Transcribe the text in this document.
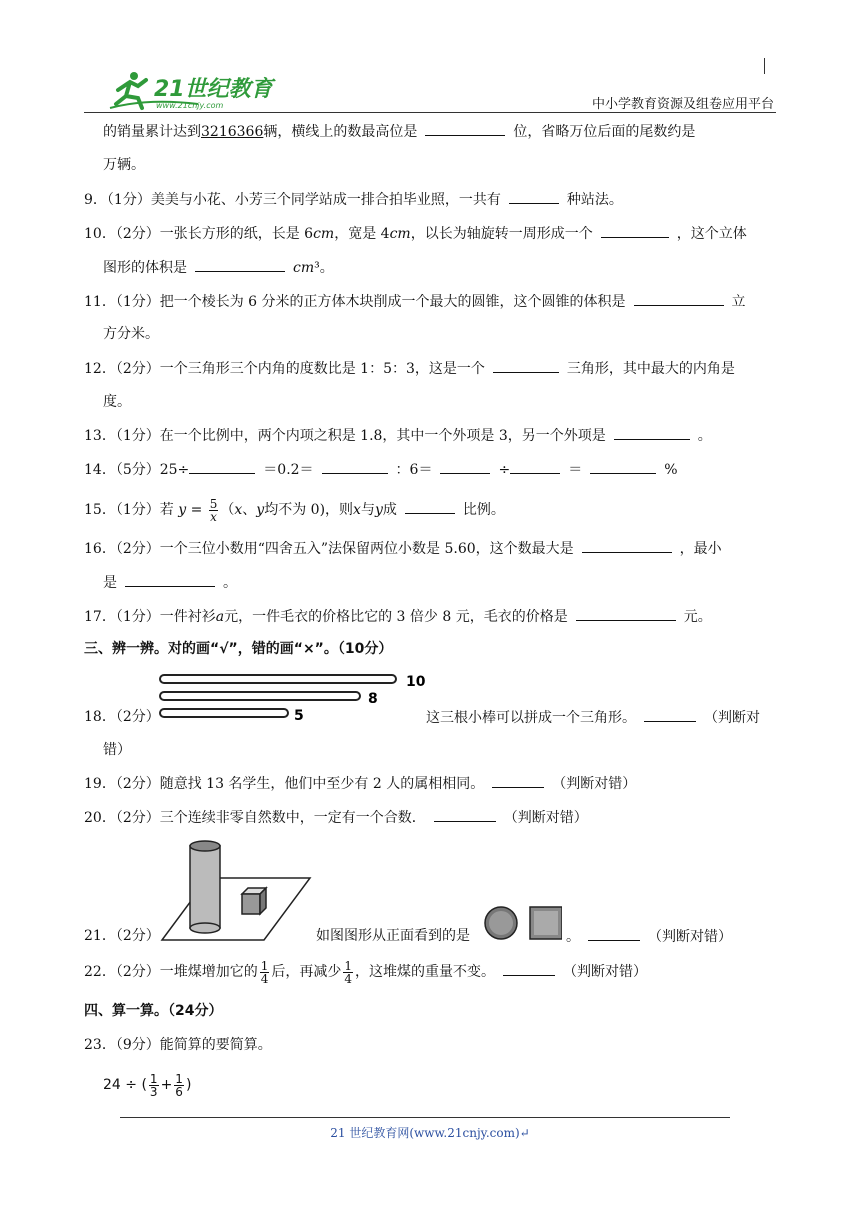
21世纪教育
www.21cnjy.com	中小学教育资源及组卷应用平台
的销量累计达到3216366辆，横线上的数最高位是	位，省略万位后面的尾数约是
万辆。
9．（1分）美美与小花、小芳三个同学站成一排合拍毕业照，一共有	种站法。
10．（2分）一张长方形的纸，长是 6cm，宽是 4cm，以长为轴旋转一周形成一个	，这个立体
图形的体积是	cm³。
11．（1分）把一个棱长为 6 分米的正方体木块削成一个最大的圆锥，这个圆锥的体积是	立
方分米。
12．（2分）一个三角形三个内角的度数比是 1：5：3，这是一个	三角形，其中最大的内角是
度。
13．（1分）在一个比例中，两个内项之积是 1.8，其中一个外项是 3，另一个外项是	。
14．（5分）25÷	＝0.2＝	：6＝	÷	＝	%
15．（1分）若 $y = \frac{5}{x} (x$、y均不为 0)，则x与y成	比例。
16．（2分）一个三位小数用“四舍五入”法保留两位小数是 5.60，这个数最大是	，最小
是	。
17．（1分）一件衬衫a元，一件毛衣的价格比它的 3 倍少 8 元，毛衣的价格是	元。
三、辨一辨。对的画“√”，错的画“×”。（10分）
10
8
5
18．（2分）	这三根小棒可以拼成一个三角形。	（判断对
错）
19．（2分）随意找 13 名学生，他们中至少有 2 人的属相相同。	（判断对错）
20．（2分）三个连续非零自然数中，一定有一个合数．	（判断对错）
21．（2分）	如图图形从正面看到的是	。	（判断对错）
22．（2分）一堆煤增加它的 $\frac{1}{4}$ 后，再减少 $\frac{1}{4}$ ，这堆煤的重量不变。	（判断对错）
四、算一算。（24分）
23．（9分）能简算的要简算。
24 ÷ ( $\frac{1}{3} + \frac{1}{6}$ )
21 世纪教育网(www.21cnjy.com)↵
